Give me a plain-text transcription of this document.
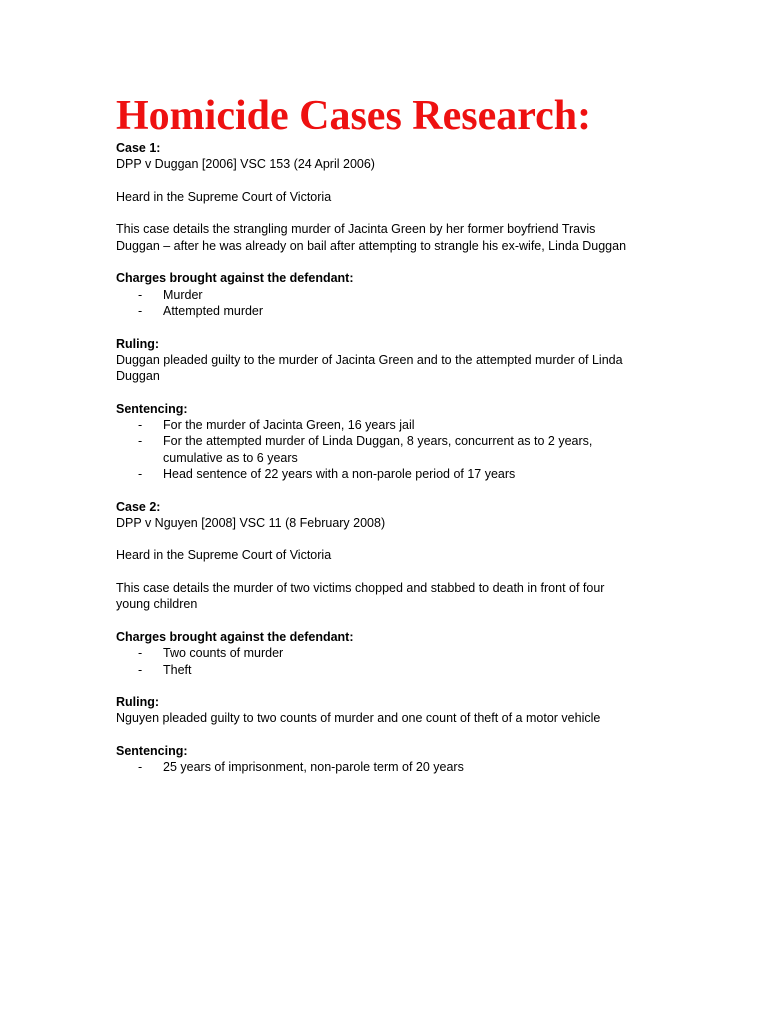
Homicide Cases Research:

Case 1:

DPP v Duggan [2006] VSC 153 (24 April 2006)

Heard in the Supreme Court of Victoria

This case details the strangling murder of Jacinta Green by her former boyfriend Travis

Duggan – after he was already on bail after attempting to strangle his ex-wife, Linda Duggan

Charges brought against the defendant:

- Murder
- Attempted murder

Ruling:

Duggan pleaded guilty to the murder of Jacinta Green and to the attempted murder of Linda

Duggan

Sentencing:

- For the murder of Jacinta Green, 16 years jail
- For the attempted murder of Linda Duggan, 8 years, concurrent as to 2 years,
cumulative as to 6 years
- Head sentence of 22 years with a non-parole period of 17 years

Case 2:

DPP v Nguyen [2008] VSC 11 (8 February 2008)

Heard in the Supreme Court of Victoria

This case details the murder of two victims chopped and stabbed to death in front of four

young children

Charges brought against the defendant:

- Two counts of murder
- Theft

Ruling:

Nguyen pleaded guilty to two counts of murder and one count of theft of a motor vehicle

Sentencing:

- 25 years of imprisonment, non-parole term of 20 years
